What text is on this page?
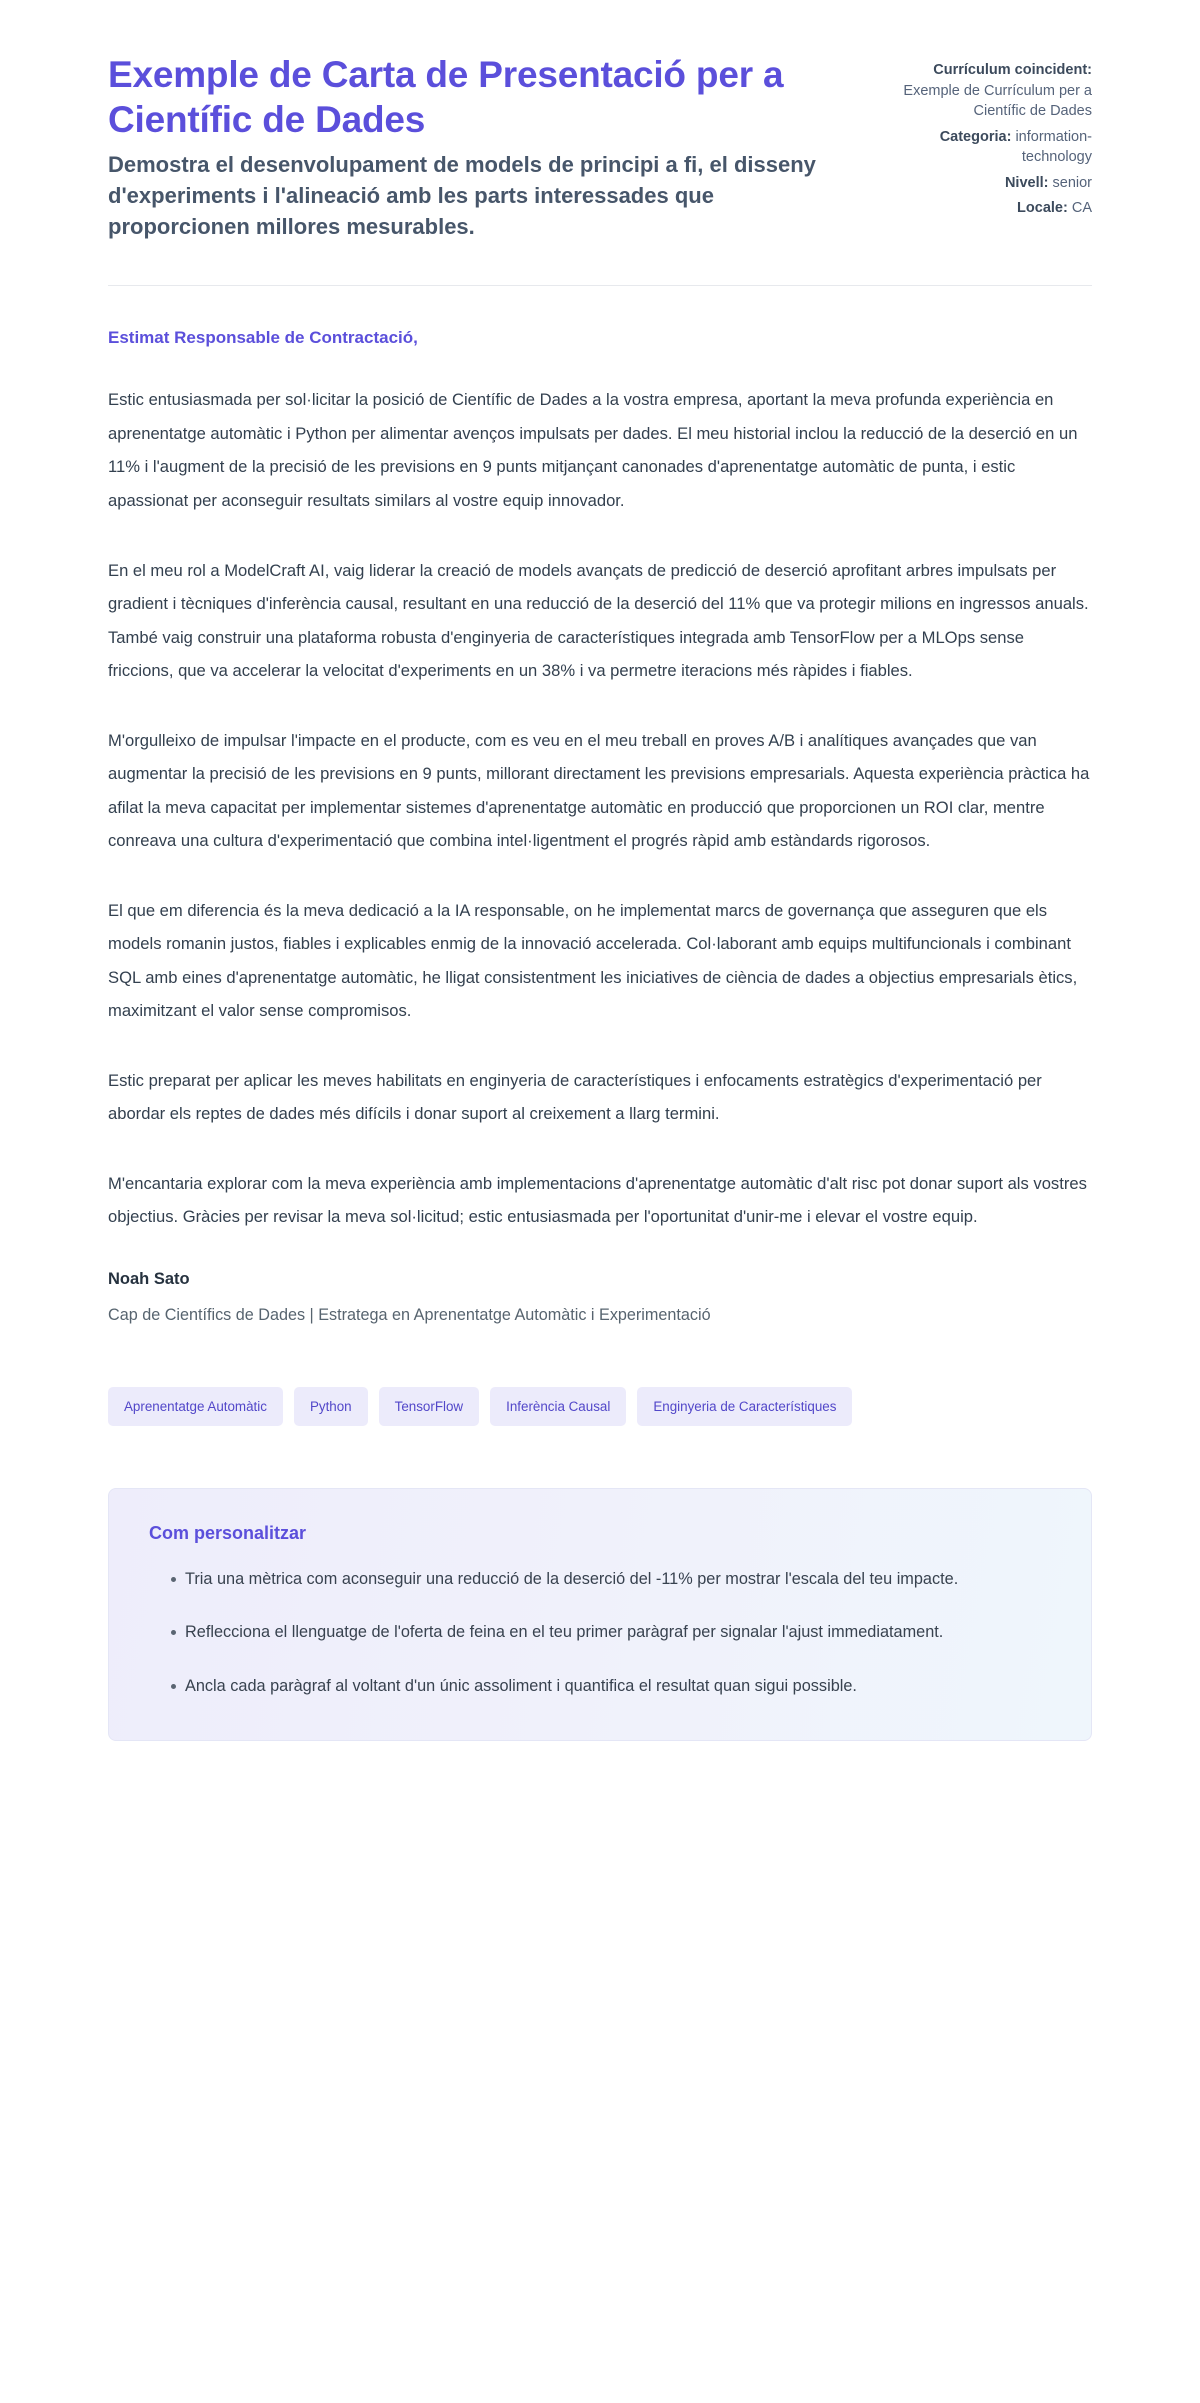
Exemple de Carta de Presentació per a Científic de Dades

Demostra el desenvolupament de models de principi a fi, el disseny d'experiments i l'alineació amb les parts interessades que proporcionen millores mesurables.

Currículum coincident: Exemple de Currículum per a Científic de Dades
Categoria: information-technology
Nivell: senior
Locale: CA

Estimat Responsable de Contractació,

Estic entusiasmada per sol·licitar la posició de Científic de Dades a la vostra empresa, aportant la meva profunda experiència en aprenentatge automàtic i Python per alimentar avenços impulsats per dades. El meu historial inclou la reducció de la deserció en un 11% i l'augment de la precisió de les previsions en 9 punts mitjançant canonades d'aprenentatge automàtic de punta, i estic apassionat per aconseguir resultats similars al vostre equip innovador.

En el meu rol a ModelCraft AI, vaig liderar la creació de models avançats de predicció de deserció aprofitant arbres impulsats per gradient i tècniques d'inferència causal, resultant en una reducció de la deserció del 11% que va protegir milions en ingressos anuals. També vaig construir una plataforma robusta d'enginyeria de característiques integrada amb TensorFlow per a MLOps sense friccions, que va accelerar la velocitat d'experiments en un 38% i va permetre iteracions més ràpides i fiables.

M'orgulleixo de impulsar l'impacte en el producte, com es veu en el meu treball en proves A/B i analítiques avançades que van augmentar la precisió de les previsions en 9 punts, millorant directament les previsions empresarials. Aquesta experiència pràctica ha afilat la meva capacitat per implementar sistemes d'aprenentatge automàtic en producció que proporcionen un ROI clar, mentre conreava una cultura d'experimentació que combina intel·ligentment el progrés ràpid amb estàndards rigorosos.

El que em diferencia és la meva dedicació a la IA responsable, on he implementat marcs de governança que asseguren que els models romanin justos, fiables i explicables enmig de la innovació accelerada. Col·laborant amb equips multifuncionals i combinant SQL amb eines d'aprenentatge automàtic, he lligat consistentment les iniciatives de ciència de dades a objectius empresarials ètics, maximitzant el valor sense compromisos.

Estic preparat per aplicar les meves habilitats en enginyeria de característiques i enfocaments estratègics d'experimentació per abordar els reptes de dades més difícils i donar suport al creixement a llarg termini.

M'encantaria explorar com la meva experiència amb implementacions d'aprenentatge automàtic d'alt risc pot donar suport als vostres objectius. Gràcies per revisar la meva sol·licitud; estic entusiasmada per l'oportunitat d'unir-me i elevar el vostre equip.

Noah Sato

Cap de Científics de Dades | Estratega en Aprenentatge Automàtic i Experimentació

Aprenentatge Automàtic	Python	TensorFlow	Inferència Causal	Enginyeria de Característiques
Com personalitzar
Tria una mètrica com aconseguir una reducció de la deserció del -11% per mostrar l'escala del teu impacte.
Reflecciona el llenguatge de l'oferta de feina en el teu primer paràgraf per signalar l'ajust immediatament.
Ancla cada paràgraf al voltant d'un únic assoliment i quantifica el resultat quan sigui possible.
